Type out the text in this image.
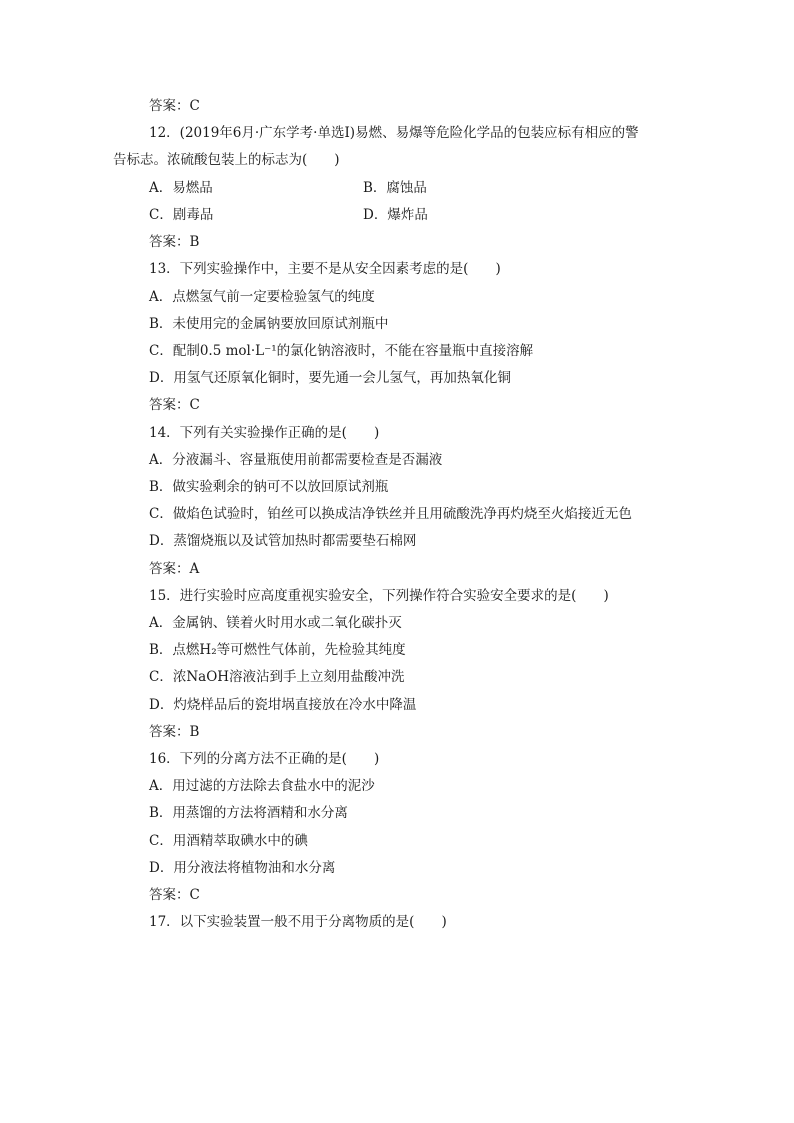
答案：C
12．(2019年6月·广东学考·单选Ⅰ)易燃、易爆等危险化学品的包装应标有相应的警
告标志。浓硫酸包装上的标志为(　　)
A．易燃品	B．腐蚀品
C．剧毒品	D．爆炸品
答案：B
13．下列实验操作中，主要不是从安全因素考虑的是(　　)
A．点燃氢气前一定要检验氢气的纯度
B．未使用完的金属钠要放回原试剂瓶中
C．配制0.5 mol·L⁻¹的氯化钠溶液时，不能在容量瓶中直接溶解
D．用氢气还原氧化铜时，要先通一会儿氢气，再加热氧化铜
答案：C
14．下列有关实验操作正确的是(　　)
A．分液漏斗、容量瓶使用前都需要检查是否漏液
B．做实验剩余的钠可不以放回原试剂瓶
C．做焰色试验时，铂丝可以换成洁净铁丝并且用硫酸洗净再灼烧至火焰接近无色
D．蒸馏烧瓶以及试管加热时都需要垫石棉网
答案：A
15．进行实验时应高度重视实验安全，下列操作符合实验安全要求的是(　　)
A．金属钠、镁着火时用水或二氧化碳扑灭
B．点燃H₂等可燃性气体前，先检验其纯度
C．浓NaOH溶液沾到手上立刻用盐酸冲洗
D．灼烧样品后的瓷坩埚直接放在冷水中降温
答案：B
16．下列的分离方法不正确的是(　　)
A．用过滤的方法除去食盐水中的泥沙
B．用蒸馏的方法将酒精和水分离
C．用酒精萃取碘水中的碘
D．用分液法将植物油和水分离
答案：C
17．以下实验装置一般不用于分离物质的是(　　)
